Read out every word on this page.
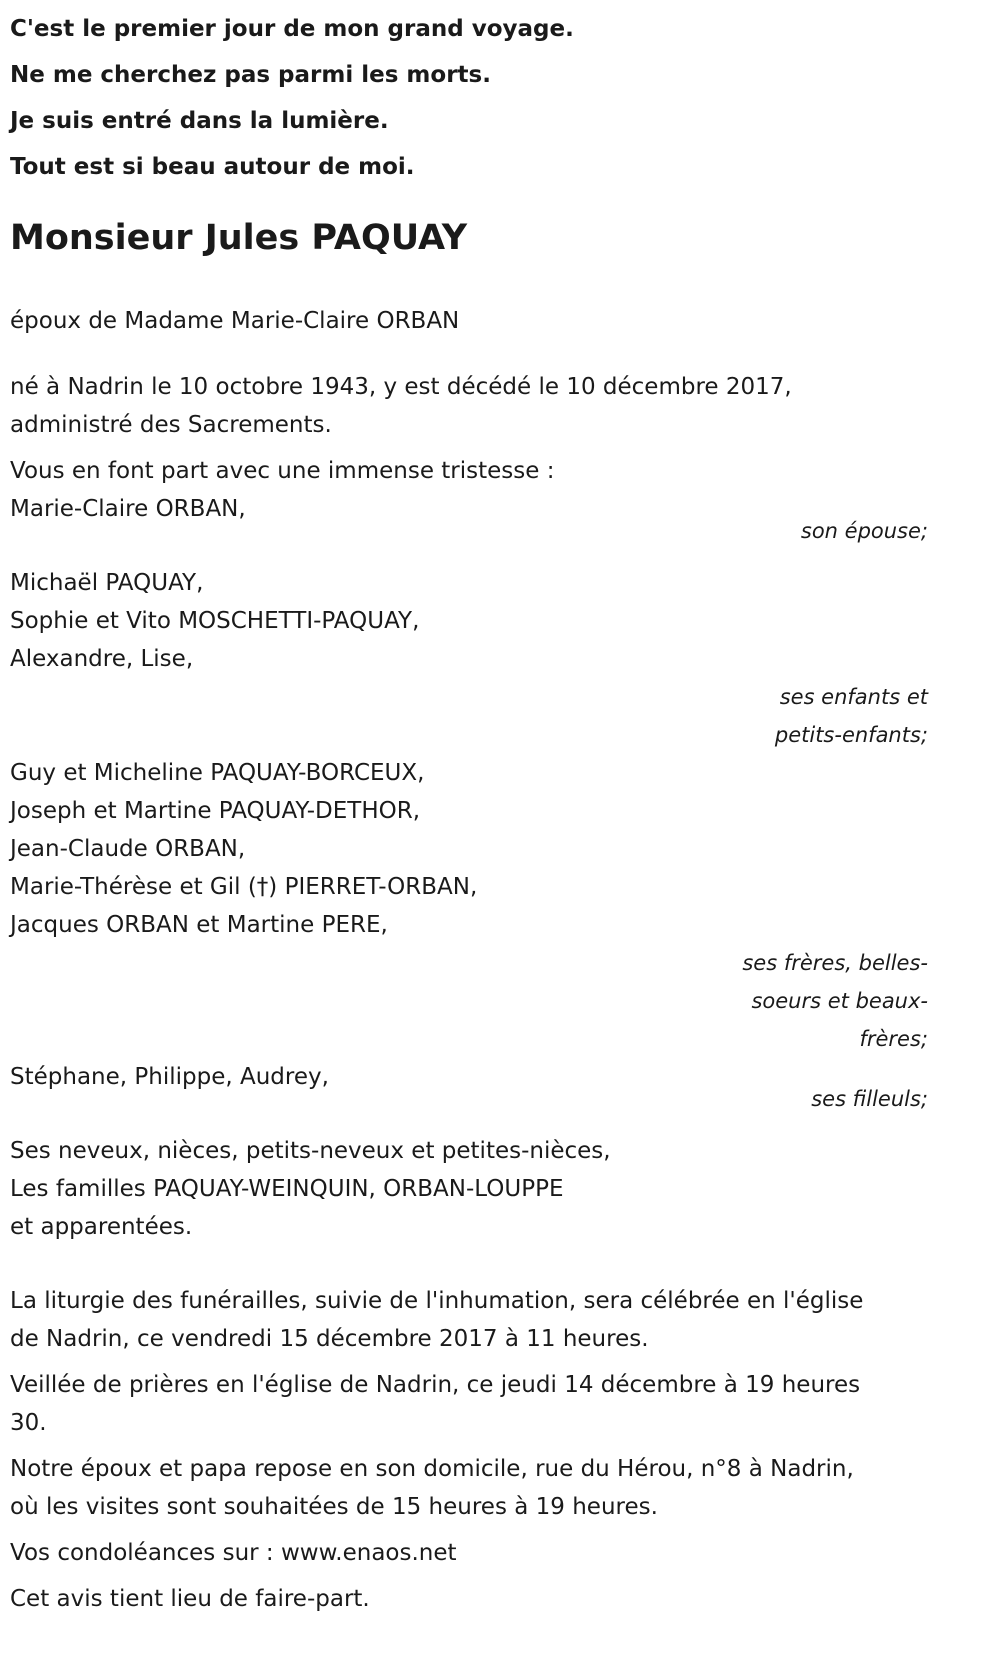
C'est le premier jour de mon grand voyage.
Ne me cherchez pas parmi les morts.
Je suis entré dans la lumière.
Tout est si beau autour de moi.
Monsieur Jules PAQUAY

époux de Madame Marie-Claire ORBAN

né à Nadrin le 10 octobre 1943, y est décédé le 10 décembre 2017,
administré des Sacrements.

Vous en font part avec une immense tristesse :

Marie-Claire ORBAN,

son épouse;

Michaël PAQUAY,
Sophie et Vito MOSCHETTI-PAQUAY,
Alexandre, Lise,

ses enfants et
petits-enfants;

Guy et Micheline PAQUAY-BORCEUX,
Joseph et Martine PAQUAY-DETHOR,
Jean-Claude ORBAN,
Marie-Thérèse et Gil (†) PIERRET-ORBAN,
Jacques ORBAN et Martine PERE,

ses frères, belles-
soeurs et beaux-
frères;

Stéphane, Philippe, Audrey,

ses filleuls;

Ses neveux, nièces, petits-neveux et petites-nièces,
Les familles PAQUAY-WEINQUIN, ORBAN-LOUPPE
et apparentées.

La liturgie des funérailles, suivie de l'inhumation, sera célébrée en l'église
de Nadrin, ce vendredi 15 décembre 2017 à 11 heures.

Veillée de prières en l'église de Nadrin, ce jeudi 14 décembre à 19 heures
30.

Notre époux et papa repose en son domicile, rue du Hérou, n°8 à Nadrin,
où les visites sont souhaitées de 15 heures à 19 heures.

Vos condoléances sur : www.enaos.net

Cet avis tient lieu de faire-part.
